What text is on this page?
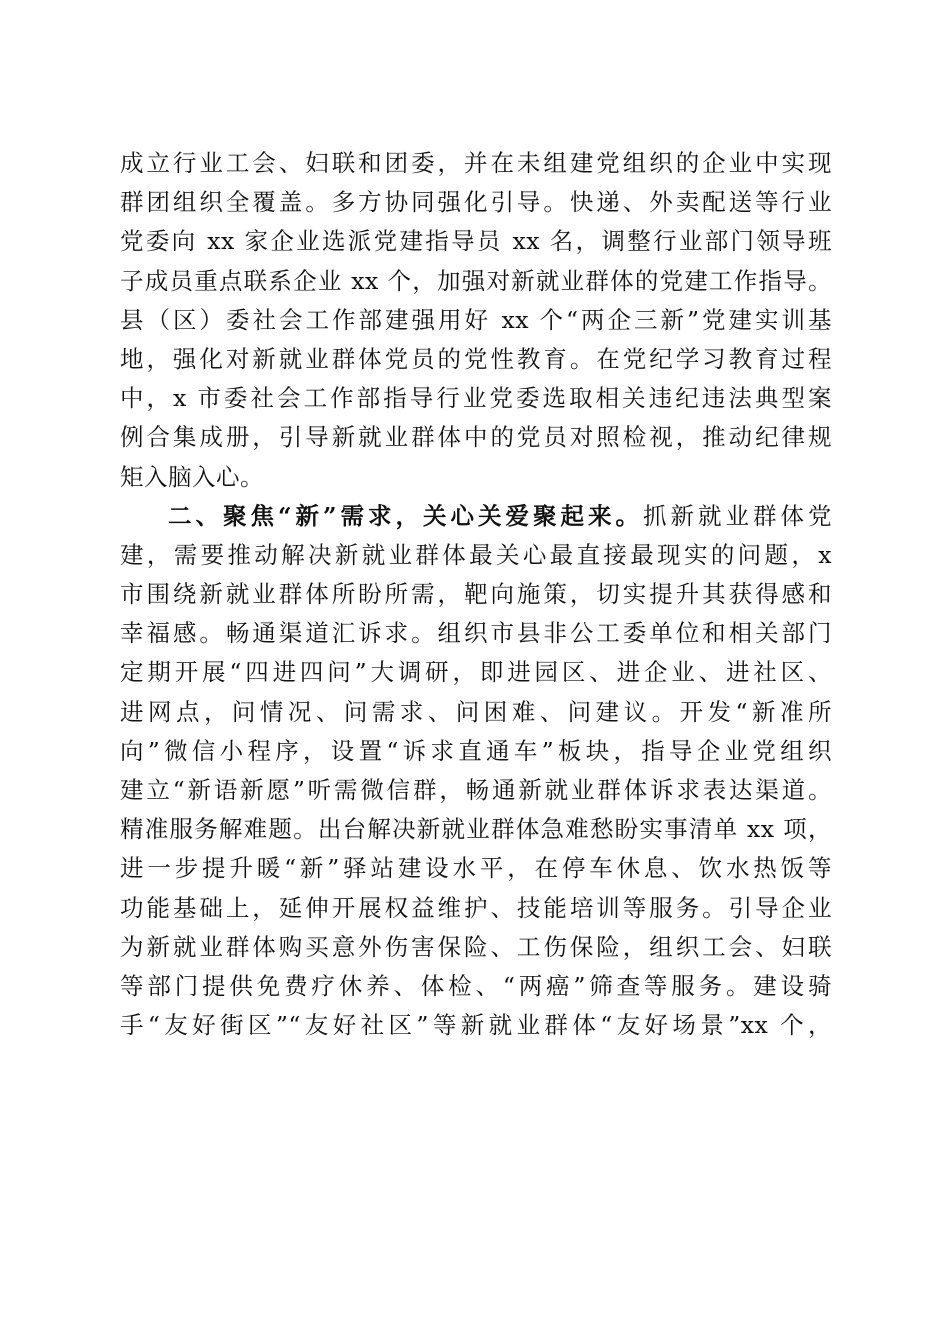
成立行业工会、妇联和团委，并在未组建党组织的企业中实现
群团组织全覆盖。多方协同强化引导。快递、外卖配送等行业
党委向 xx 家企业选派党建指导员 xx 名，调整行业部门领导班
子成员重点联系企业 xx 个，加强对新就业群体的党建工作指导。
县（区）委社会工作部建强用好 xx 个“两企三新”党建实训基
地，强化对新就业群体党员的党性教育。在党纪学习教育过程
中，x 市委社会工作部指导行业党委选取相关违纪违法典型案
例合集成册，引导新就业群体中的党员对照检视，推动纪律规
矩入脑入心。
二、聚焦“新”需求，关心关爱聚起来。抓新就业群体党
建，需要推动解决新就业群体最关心最直接最现实的问题，x
市围绕新就业群体所盼所需，靶向施策，切实提升其获得感和
幸福感。畅通渠道汇诉求。组织市县非公工委单位和相关部门
定期开展“四进四问”大调研，即进园区、进企业、进社区、
进网点，问情况、问需求、问困难、问建议。开发“新准所
向”微信小程序，设置“诉求直通车”板块，指导企业党组织
建立“新语新愿”听需微信群，畅通新就业群体诉求表达渠道。
精准服务解难题。出台解决新就业群体急难愁盼实事清单 xx 项，
进一步提升暖“新”驿站建设水平，在停车休息、饮水热饭等
功能基础上，延伸开展权益维护、技能培训等服务。引导企业
为新就业群体购买意外伤害保险、工伤保险，组织工会、妇联
等部门提供免费疗休养、体检、“两癌”筛查等服务。建设骑
手“友好街区”“友好社区”等新就业群体“友好场景”xx 个，
